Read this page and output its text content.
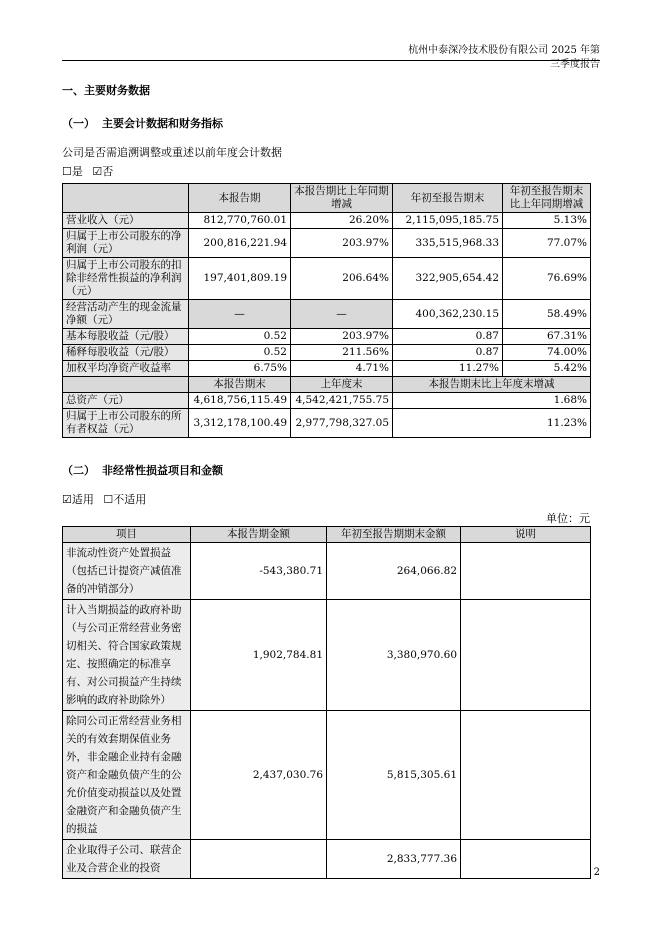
杭州中泰深冷技术股份有限公司 2025 年第三季度报告
一、主要财务数据
（一） 主要会计数据和财务指标
公司是否需追溯调整或重述以前年度会计数据
☐是 ☑否
	本报告期	本报告期比上年同期增减	年初至报告期末	年初至报告期末比上年同期增减
营业收入（元）	812,770,760.01	26.20%	2,115,095,185.75	5.13%
归属于上市公司股东的净利润（元）	200,816,221.94	203.97%	335,515,968.33	77.07%
归属于上市公司股东的扣除非经常性损益的净利润（元）	197,401,809.19	206.64%	322,905,654.42	76.69%
经营活动产生的现金流量净额（元）	—	—	400,362,230.15	58.49%
基本每股收益（元/股）	0.52	203.97%	0.87	67.31%
稀释每股收益（元/股）	0.52	211.56%	0.87	74.00%
加权平均净资产收益率	6.75%	4.71%	11.27%	5.42%
	本报告期末	上年度末	本报告期末比上年度末增减	
总资产（元）	4,618,756,115.49	4,542,421,755.75	1.68%	
归属于上市公司股东的所有者权益（元）	3,312,178,100.49	2,977,798,327.05	11.23%	
（二） 非经常性损益项目和金额
☑适用 ☐不适用
单位：元
项目	本报告期金额	年初至报告期期末金额	说明
非流动性资产处置损益（包括已计提资产减值准备的冲销部分）	-543,380.71	264,066.82	
计入当期损益的政府补助（与公司正常经营业务密切相关、符合国家政策规定、按照确定的标准享有、对公司损益产生持续影响的政府补助除外）	1,902,784.81	3,380,970.60	
除同公司正常经营业务相关的有效套期保值业务外，非金融企业持有金融资产和金融负债产生的公允价值变动损益以及处置金融资产和金融负债产生的损益	2,437,030.76	5,815,305.61	
企业取得子公司、联营企业及合营企业的投资		2,833,777.36	
2
